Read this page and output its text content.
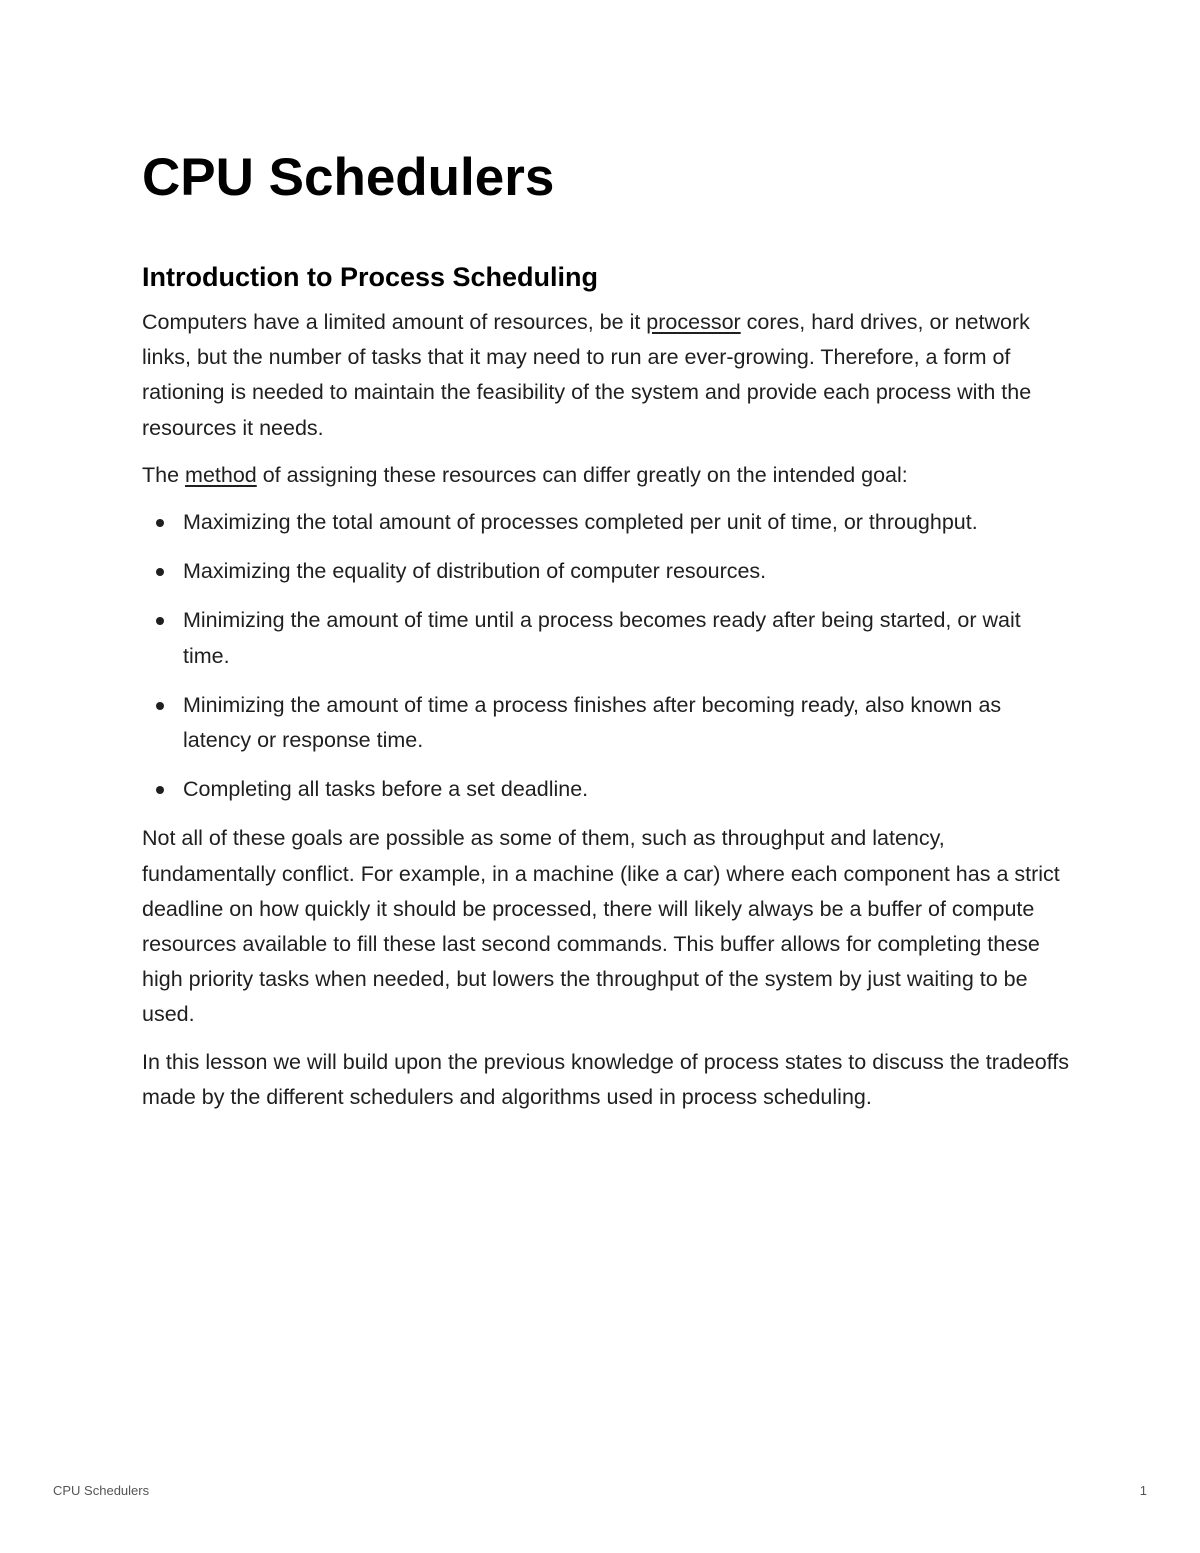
CPU Schedulers
Introduction to Process Scheduling

Computers have a limited amount of resources, be it processor cores, hard drives, or network links, but the number of tasks that it may need to run are ever-growing. Therefore, a form of rationing is needed to maintain the feasibility of the system and provide each process with the resources it needs.

The method of assigning these resources can differ greatly on the intended goal:

Maximizing the total amount of processes completed per unit of time, or throughput.
Maximizing the equality of distribution of computer resources.
Minimizing the amount of time until a process becomes ready after being started, or wait time.
Minimizing the amount of time a process finishes after becoming ready, also known as latency or response time.
Completing all tasks before a set deadline.

Not all of these goals are possible as some of them, such as throughput and latency, fundamentally conflict. For example, in a machine (like a car) where each component has a strict deadline on how quickly it should be processed, there will likely always be a buffer of compute resources available to fill these last second commands. This buffer allows for completing these high priority tasks when needed, but lowers the throughput of the system by just waiting to be used.

In this lesson we will build upon the previous knowledge of process states to discuss the tradeoffs made by the different schedulers and algorithms used in process scheduling.

CPU Schedulers	1
